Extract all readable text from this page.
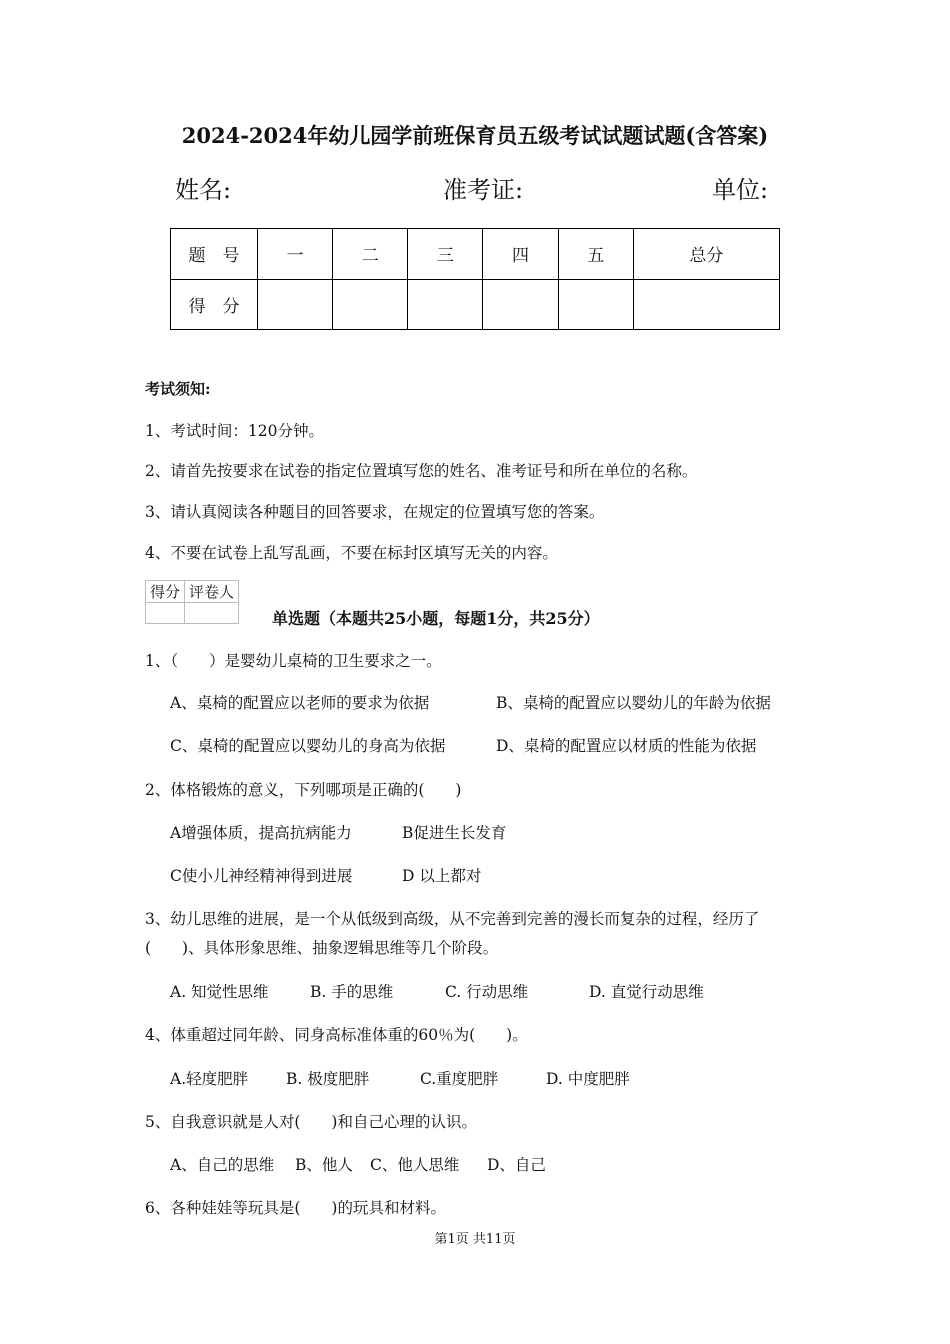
2024-2024年幼儿园学前班保育员五级考试试题试题(含答案)
姓名:	准考证:	单位:
题　号	一	二	三	四	五	总分
得　分						
考试须知:
1、考试时间：120分钟。
2、请首先按要求在试卷的指定位置填写您的姓名、准考证号和所在单位的名称。
3、请认真阅读各种题目的回答要求，在规定的位置填写您的答案。
4、不要在试卷上乱写乱画，不要在标封区填写无关的内容。
得分	评卷人

单选题（本题共25小题，每题1分，共25分）
1、（　　）是婴幼儿桌椅的卫生要求之一。
A、桌椅的配置应以老师的要求为依据	B、桌椅的配置应以婴幼儿的年龄为依据
C、桌椅的配置应以婴幼儿的身高为依据	D、桌椅的配置应以材质的性能为依据
2、体格锻炼的意义，下列哪项是正确的(　　)
A增强体质，提高抗病能力	B促进生长发育
C使小儿神经精神得到进展	D 以上都对
3、幼儿思维的进展，是一个从低级到高级，从不完善到完善的漫长而复杂的过程，经历了
(　　)、具体形象思维、抽象逻辑思维等几个阶段。
A. 知觉性思维	B. 手的思维	C. 行动思维	D. 直觉行动思维
4、体重超过同年龄、同身高标准体重的60％为(　　)。
A.轻度肥胖 B. 极度肥胖	C.重度肥胖	D. 中度肥胖
5、自我意识就是人对(　　)和自己心理的认识。
A、自己的思维 B、他人 C、他人思维 D、自己
6、各种娃娃等玩具是(　　)的玩具和材料。
第1页 共11页
